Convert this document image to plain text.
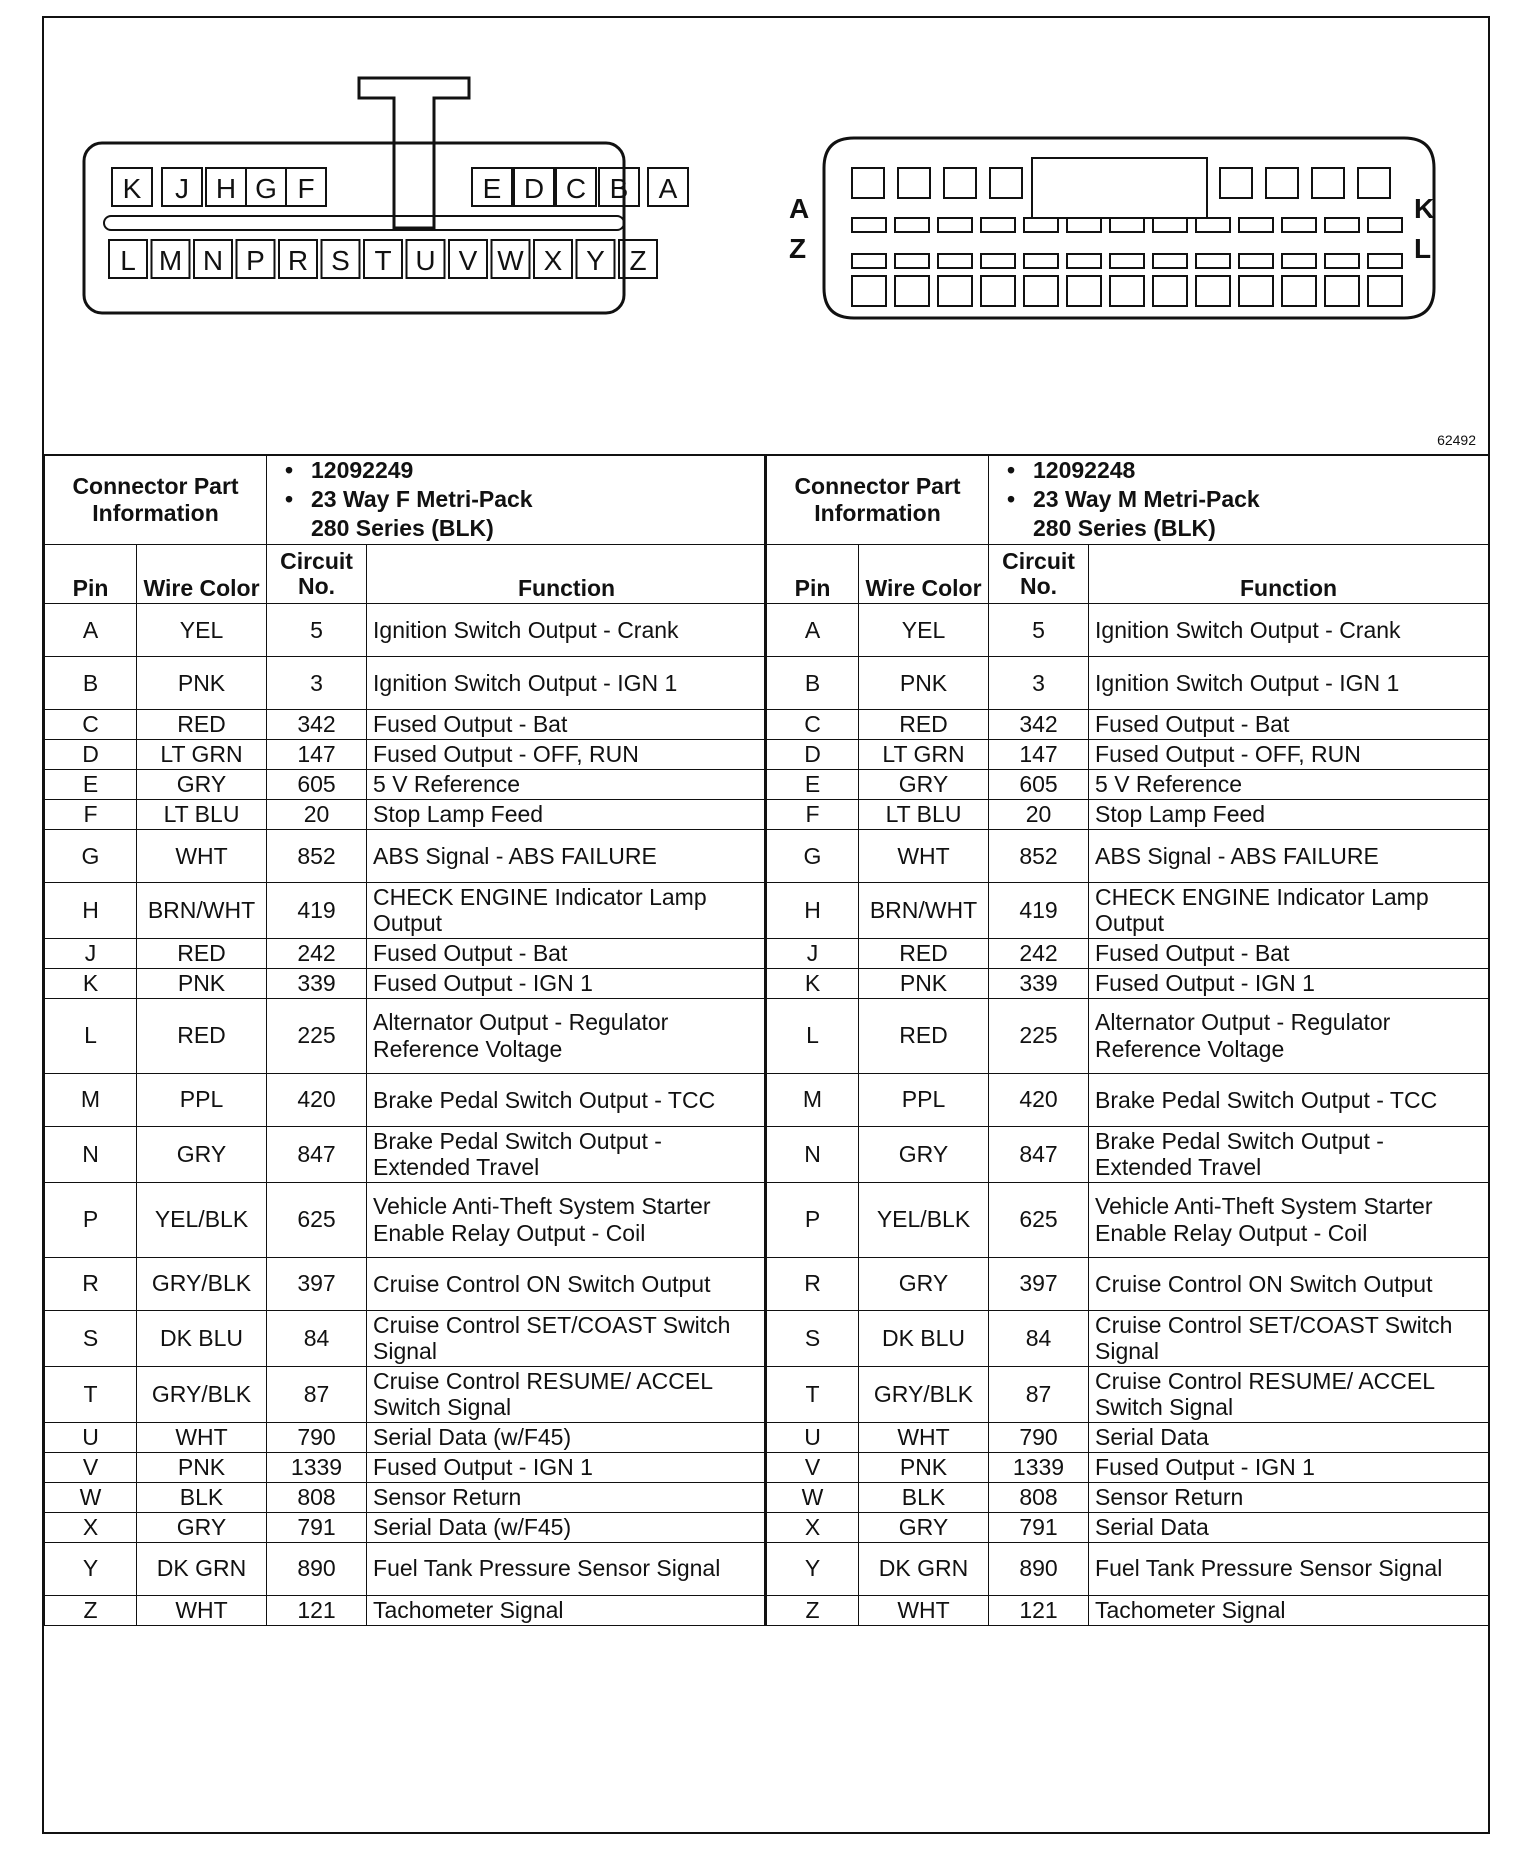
K J H G F	E D C B A
L M N P R S T U V W X Y Z
A
Z
K
L
62492
Connector Part Information		• 12092249
• 23 Way F Metri-Pack
280 Series (BLK)

Pin	Wire Color	Circuit No.	Function
A	YEL	5	Ignition Switch Output - Crank
B	PNK	3	Ignition Switch Output - IGN 1
C	RED	342	Fused Output - Bat
D	LT GRN	147	Fused Output - OFF, RUN
E	GRY	605	5 V Reference
F	LT BLU	20	Stop Lamp Feed
G	WHT	852	ABS Signal - ABS FAILURE
H	BRN/WHT	419	CHECK ENGINE Indicator Lamp Output
J	RED	242	Fused Output - Bat
K	PNK	339	Fused Output - IGN 1
L	RED	225	Alternator Output - Regulator Reference Voltage
M	PPL	420	Brake Pedal Switch Output - TCC
N	GRY	847	Brake Pedal Switch Output - Extended Travel
P	YEL/BLK	625	Vehicle Anti-Theft System Starter Enable Relay Output - Coil
R	GRY/BLK	397	Cruise Control ON Switch Output
S	DK BLU	84	Cruise Control SET/COAST Switch Signal
T	GRY/BLK	87	Cruise Control RESUME/ ACCEL Switch Signal
U	WHT	790	Serial Data (w/F45)
V	PNK	1339	Fused Output - IGN 1
W	BLK	808	Sensor Return
X	GRY	791	Serial Data (w/F45)
Y	DK GRN	890	Fuel Tank Pressure Sensor Signal
Z	WHT	121	Tachometer Signal
Connector Part Information		• 12092248
• 23 Way M Metri-Pack
280 Series (BLK)

Pin	Wire Color	Circuit No.	Function
A	YEL	5	Ignition Switch Output - Crank
B	PNK	3	Ignition Switch Output - IGN 1
C	RED	342	Fused Output - Bat
D	LT GRN	147	Fused Output - OFF, RUN
E	GRY	605	5 V Reference
F	LT BLU	20	Stop Lamp Feed
G	WHT	852	ABS Signal - ABS FAILURE
H	BRN/WHT	419	CHECK ENGINE Indicator Lamp Output
J	RED	242	Fused Output - Bat
K	PNK	339	Fused Output - IGN 1
L	RED	225	Alternator Output - Regulator Reference Voltage
M	PPL	420	Brake Pedal Switch Output - TCC
N	GRY	847	Brake Pedal Switch Output - Extended Travel
P	YEL/BLK	625	Vehicle Anti-Theft System Starter Enable Relay Output - Coil
R	GRY	397	Cruise Control ON Switch Output
S	DK BLU	84	Cruise Control SET/COAST Switch Signal
T	GRY/BLK	87	Cruise Control RESUME/ ACCEL Switch Signal
U	WHT	790	Serial Data
V	PNK	1339	Fused Output - IGN 1
W	BLK	808	Sensor Return
X	GRY	791	Serial Data
Y	DK GRN	890	Fuel Tank Pressure Sensor Signal
Z	WHT	121	Tachometer Signal
